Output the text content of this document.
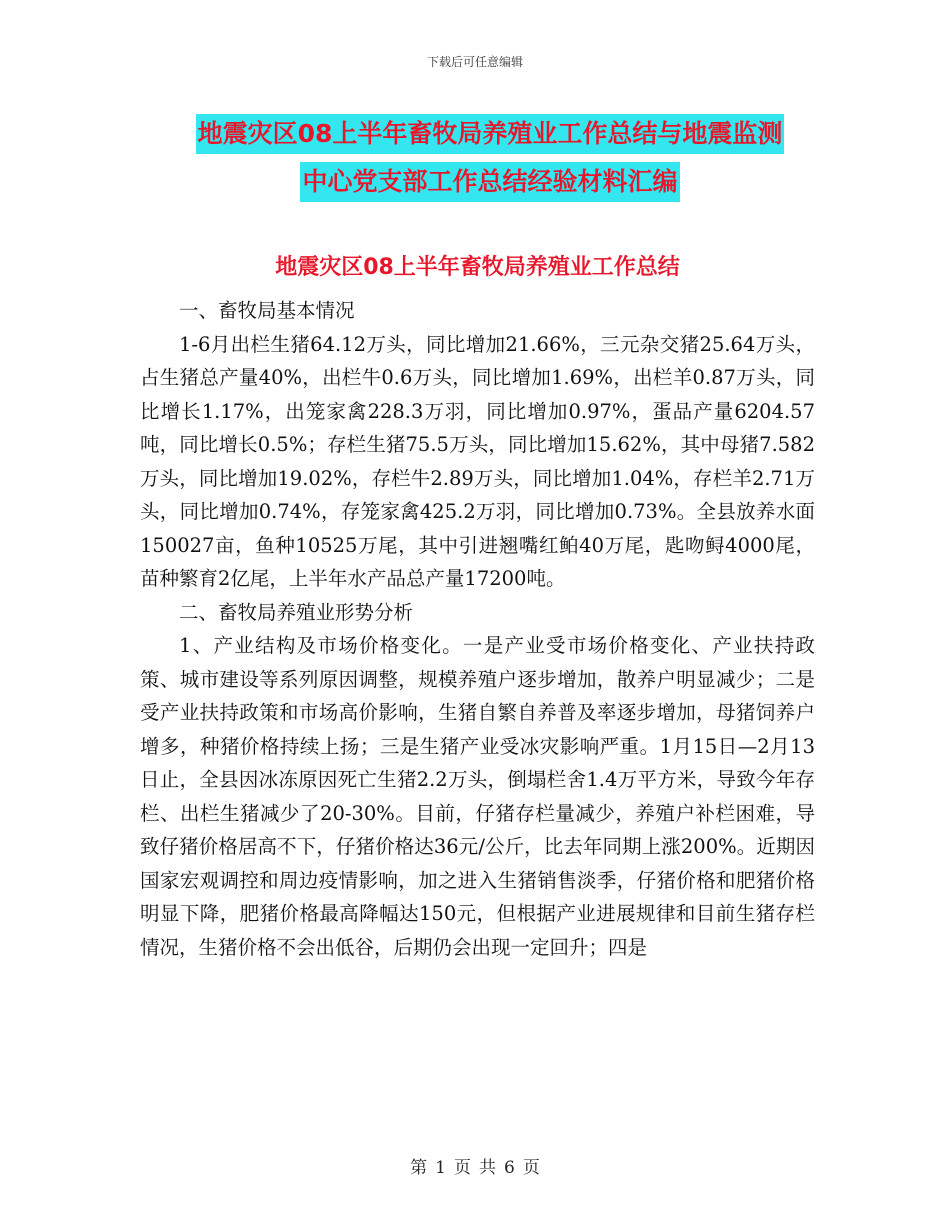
下载后可任意编辑
地震灾区08上半年畜牧局养殖业工作总结与地震监测
中心党支部工作总结经验材料汇编
地震灾区08上半年畜牧局养殖业工作总结

一、畜牧局基本情况

1-6月出栏生猪64.12万头，同比增加21.66%，三元杂交猪25.64万头，占生猪总产量40%，出栏牛0.6万头，同比增加1.69%，出栏羊0.87万头，同比增长1.17%，出笼家禽228.3万羽，同比增加0.97%，蛋品产量6204.57吨，同比增长0.5%；存栏生猪75.5万头，同比增加15.62%，其中母猪7.582万头，同比增加19.02%，存栏牛2.89万头，同比增加1.04%，存栏羊2.71万头，同比增加0.74%，存笼家禽425.2万羽，同比增加0.73%。全县放养水面150027亩，鱼种10525万尾，其中引进翘嘴红鲌40万尾，匙吻鲟4000尾，苗种繁育2亿尾，上半年水产品总产量17200吨。

二、畜牧局养殖业形势分析

1、产业结构及市场价格变化。一是产业受市场价格变化、产业扶持政策、城市建设等系列原因调整，规模养殖户逐步增加，散养户明显减少；二是受产业扶持政策和市场高价影响，生猪自繁自养普及率逐步增加，母猪饲养户增多，种猪价格持续上扬；三是生猪产业受冰灾影响严重。1月15日—2月13日止，全县因冰冻原因死亡生猪2.2万头，倒塌栏舍1.4万平方米，导致今年存栏、出栏生猪减少了20-30%。目前，仔猪存栏量减少，养殖户补栏困难，导致仔猪价格居高不下，仔猪价格达36元/公斤，比去年同期上涨200%。近期因国家宏观调控和周边疫情影响，加之进入生猪销售淡季，仔猪价格和肥猪价格明显下降，肥猪价格最高降幅达150元，但根据产业进展规律和目前生猪存栏情况，生猪价格不会出低谷，后期仍会出现一定回升；四是

第 1 页 共 6 页
